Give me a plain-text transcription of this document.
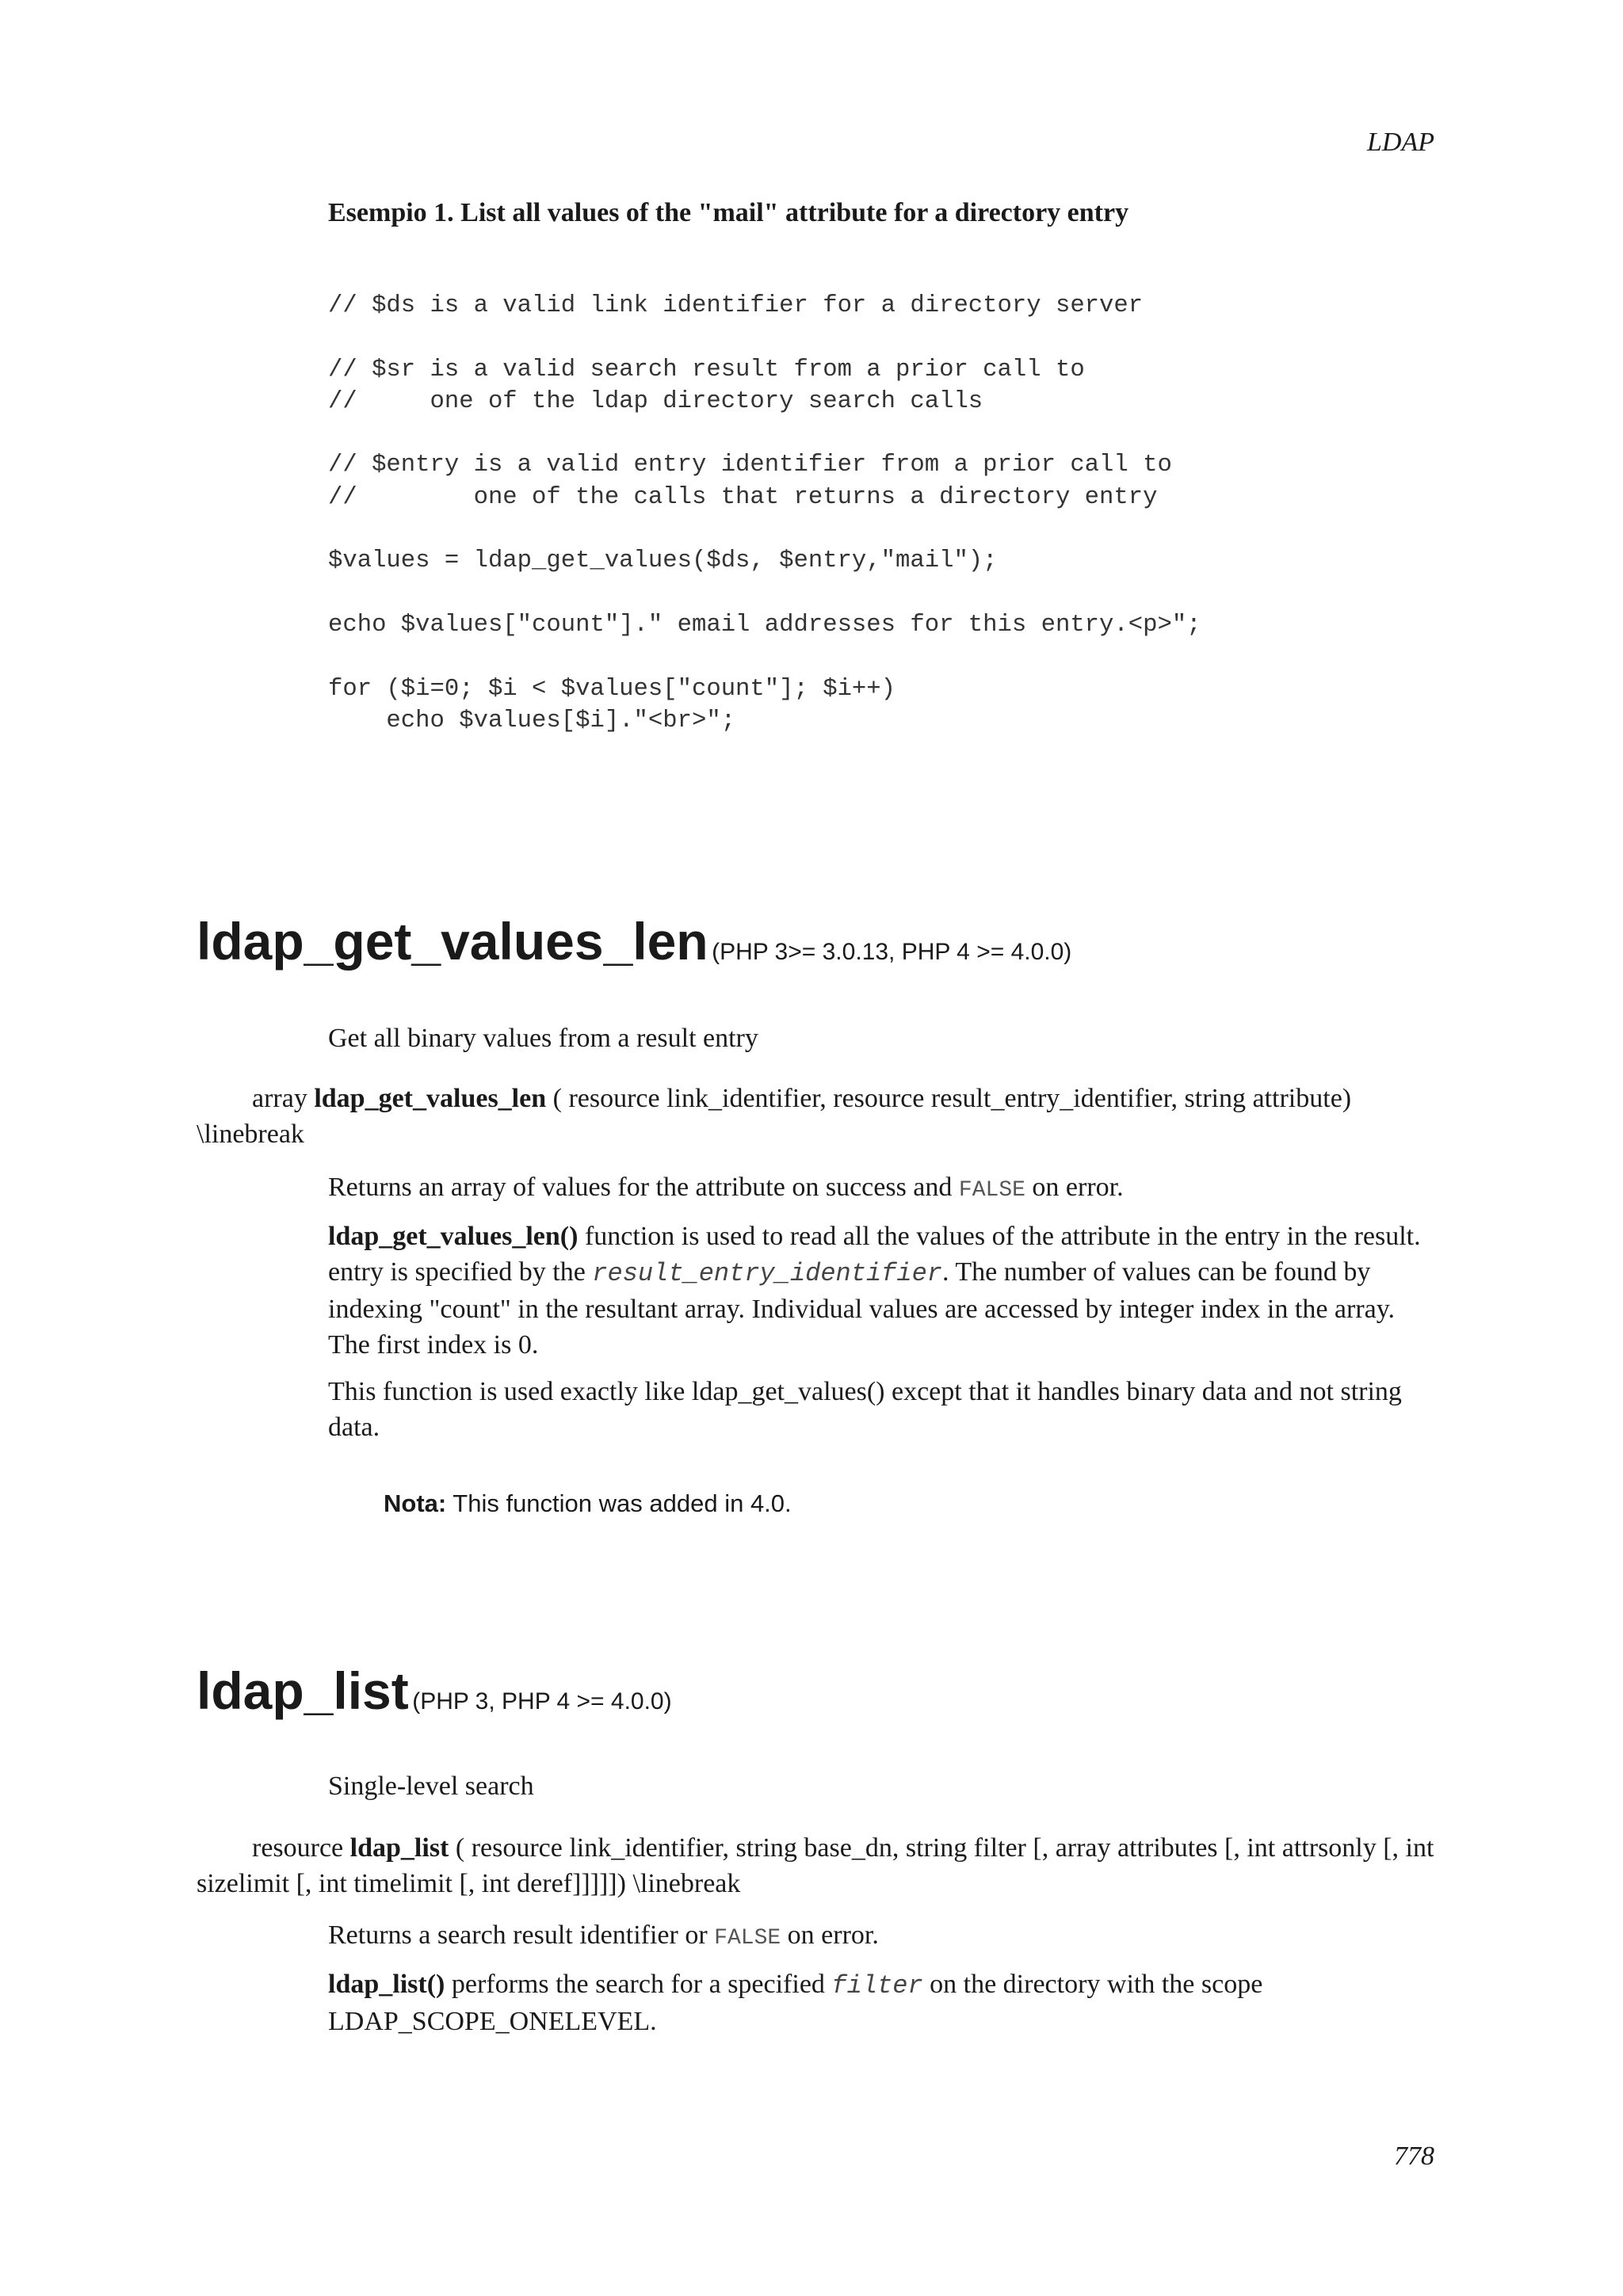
LDAP
Esempio 1. List all values of the "mail" attribute for a directory entry
// $ds is a valid link identifier for a directory server

// $sr is a valid search result from a prior call to
//     one of the ldap directory search calls

// $entry is a valid entry identifier from a prior call to
//        one of the calls that returns a directory entry

$values = ldap_get_values($ds, $entry,"mail");

echo $values["count"]." email addresses for this entry.<p>";

for ($i=0; $i < $values["count"]; $i++)
echo $values[$i]."<br>";
ldap_get_values_len (PHP 3>= 3.0.13, PHP 4 >= 4.0.0)
Get all binary values from a result entry
array ldap_get_values_len ( resource link_identifier, resource result_entry_identifier, string attribute) \linebreak
Returns an array of values for the attribute on success and FALSE on error.
ldap_get_values_len() function is used to read all the values of the attribute in the entry in the result. entry is specified by the result_entry_identifier. The number of values can be found by indexing "count" in the resultant array. Individual values are accessed by integer index in the array. The first index is 0.
This function is used exactly like ldap_get_values() except that it handles binary data and not string data.
Nota: This function was added in 4.0.
ldap_list (PHP 3, PHP 4 >= 4.0.0)
Single-level search
resource ldap_list ( resource link_identifier, string base_dn, string filter [, array attributes [, int attrsonly [, int sizelimit [, int timelimit [, int deref]]]]]) \linebreak
Returns a search result identifier or FALSE on error.
ldap_list() performs the search for a specified filter on the directory with the scope LDAP_SCOPE_ONELEVEL.
778
